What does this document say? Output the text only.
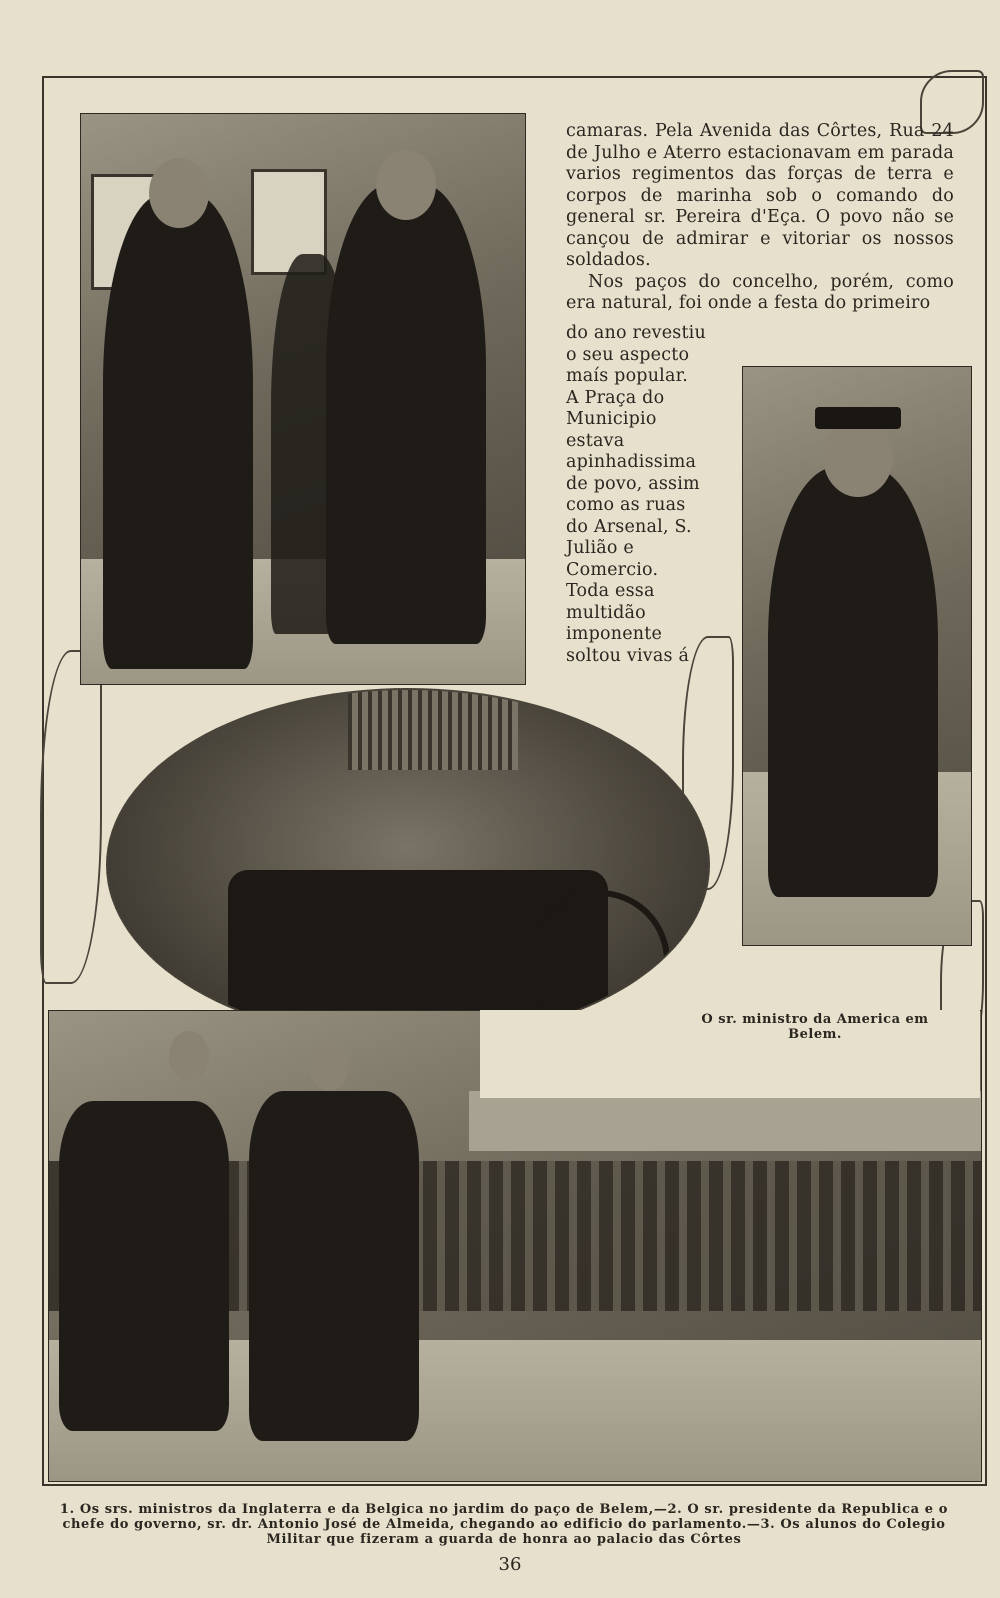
camaras. Pela Avenida das Côrtes, Rua 24 de Julho e Aterro estacionavam em parada varios regimentos das forças de terra e corpos de marinha sob o comando do general sr. Pereira d'Eça. O povo não se cançou de admirar e vitoriar os nossos soldados.

Nos paços do concelho, porém, como era natural, foi onde a festa do primeiro

do ano revestiu o seu aspecto maís popular. A Praça do Municipio estava apinhadissima de povo, assim como as ruas do Arsenal, S. Julião e Comercio. Toda essa multidão imponente soltou vivas á
O sr. ministro da America em Belem.
1. Os srs. ministros da Inglaterra e da Belgica no jardim do paço de Belem,—2. O sr. presidente da Republica e o chefe do governo, sr. dr. Antonio José de Almeida, chegando ao edificio do parlamento.—3. Os alunos do Colegio Militar que fizeram a guarda de honra ao palacio das Côrtes
36
